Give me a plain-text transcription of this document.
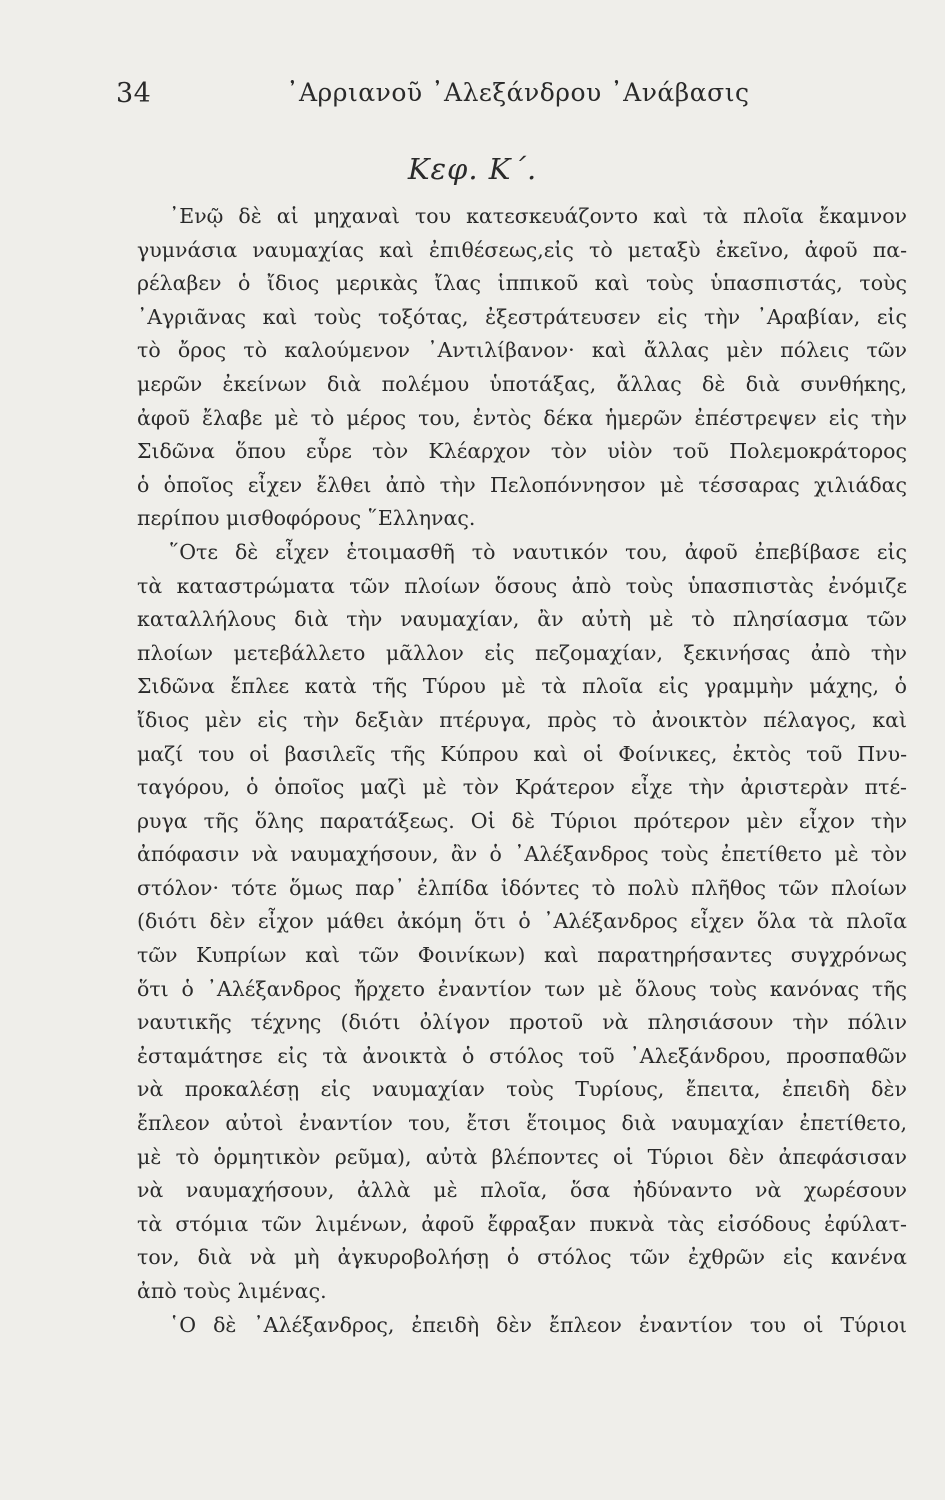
34	᾿Αρριανοῦ ᾿Αλεξάνδρου ᾿Ανάβασις
Κεφ. Κ΄.
᾿Ενῷ δὲ αἱ μηχαναὶ του κατεσκευάζοντο καὶ τὰ πλοῖα ἔκαμνον
γυμνάσια ναυμαχίας καὶ ἐπιθέσεως,εἰς τὸ μεταξὺ ἐκεῖνο, ἀφοῦ πα-
ρέλαβεν ὁ ἴδιος μερικὰς ἴλας ἱππικοῦ καὶ τοὺς ὑπασπιστάς, τοὺς
᾿Αγριᾶνας καὶ τοὺς τοξότας, ἐξεστράτευσεν εἰς τὴν ᾿Αραβίαν, εἰς
τὸ ὄρος τὸ καλούμενον ᾿Αντιλίβανον· καὶ ἄλλας μὲν πόλεις τῶν
μερῶν ἐκείνων διὰ πολέμου ὑποτάξας, ἄλλας δὲ διὰ συνθήκης,
ἀφοῦ ἔλαβε μὲ τὸ μέρος του, ἐντὸς δέκα ἡμερῶν ἐπέστρεψεν εἰς τὴν
Σιδῶνα ὅπου εὗρε τὸν Κλέαρχον τὸν υἱὸν τοῦ Πολεμοκράτορος
ὁ ὁποῖος εἶχεν ἔλθει ἀπὸ τὴν Πελοπόννησον μὲ τέσσαρας χιλιάδας
περίπου μισθοφόρους ῞Ελληνας.
῞Οτε δὲ εἶχεν ἑτοιμασθῆ τὸ ναυτικόν του, ἀφοῦ ἐπεβίβασε εἰς
τὰ καταστρώματα τῶν πλοίων ὅσους ἀπὸ τοὺς ὑπασπιστὰς ἐνόμιζε
καταλλήλους διὰ τὴν ναυμαχίαν, ἂν αὐτὴ μὲ τὸ πλησίασμα τῶν
πλοίων μετεβάλλετο μᾶλλον εἰς πεζομαχίαν, ξεκινήσας ἀπὸ τὴν
Σιδῶνα ἔπλεε κατὰ τῆς Τύρου μὲ τὰ πλοῖα εἰς γραμμὴν μάχης, ὁ
ἴδιος μὲν εἰς τὴν δεξιὰν πτέρυγα, πρὸς τὸ ἀνοικτὸν πέλαγος, καὶ
μαζί του οἱ βασιλεῖς τῆς Κύπρου καὶ οἱ Φοίνικες, ἐκτὸς τοῦ Πνυ-
ταγόρου, ὁ ὁποῖος μαζὶ μὲ τὸν Κράτερον εἶχε τὴν ἀριστερὰν πτέ-
ρυγα τῆς ὅλης παρατάξεως. Οἱ δὲ Τύριοι πρότερον μὲν εἶχον τὴν
ἀπόφασιν νὰ ναυμαχήσουν, ἂν ὁ ᾿Αλέξανδρος τοὺς ἐπετίθετο μὲ τὸν
στόλον· τότε ὅμως παρ᾿ ἐλπίδα ἰδόντες τὸ πολὺ πλῆθος τῶν πλοίων
(διότι δὲν εἶχον μάθει ἀκόμη ὅτι ὁ ᾿Αλέξανδρος εἶχεν ὅλα τὰ πλοῖα
τῶν Κυπρίων καὶ τῶν Φοινίκων) καὶ παρατηρήσαντες συγχρόνως
ὅτι ὁ ᾿Αλέξανδρος ἤρχετο ἐναντίον των μὲ ὅλους τοὺς κανόνας τῆς
ναυτικῆς τέχνης (διότι ὀλίγον προτοῦ νὰ πλησιάσουν τὴν πόλιν
ἐσταμάτησε εἰς τὰ ἀνοικτὰ ὁ στόλος τοῦ ᾿Αλεξάνδρου, προσπαθῶν
νὰ προκαλέσῃ εἰς ναυμαχίαν τοὺς Τυρίους, ἔπειτα, ἐπειδὴ δὲν
ἔπλεον αὐτοὶ ἐναντίον του, ἔτσι ἕτοιμος διὰ ναυμαχίαν ἐπετίθετο,
μὲ τὸ ὁρμητικὸν ρεῦμα), αὐτὰ βλέποντες οἱ Τύριοι δὲν ἀπεφάσισαν
νὰ ναυμαχήσουν, ἀλλὰ μὲ πλοῖα, ὅσα ἠδύναντο νὰ χωρέσουν
τὰ στόμια τῶν λιμένων, ἀφοῦ ἔφραξαν πυκνὰ τὰς εἰσόδους ἐφύλατ-
τον, διὰ νὰ μὴ ἀγκυροβολήσῃ ὁ στόλος τῶν ἐχθρῶν εἰς κανένα
ἀπὸ τοὺς λιμένας.
῾Ο δὲ ᾿Αλέξανδρος, ἐπειδὴ δὲν ἔπλεον ἐναντίον του οἱ Τύριοι
